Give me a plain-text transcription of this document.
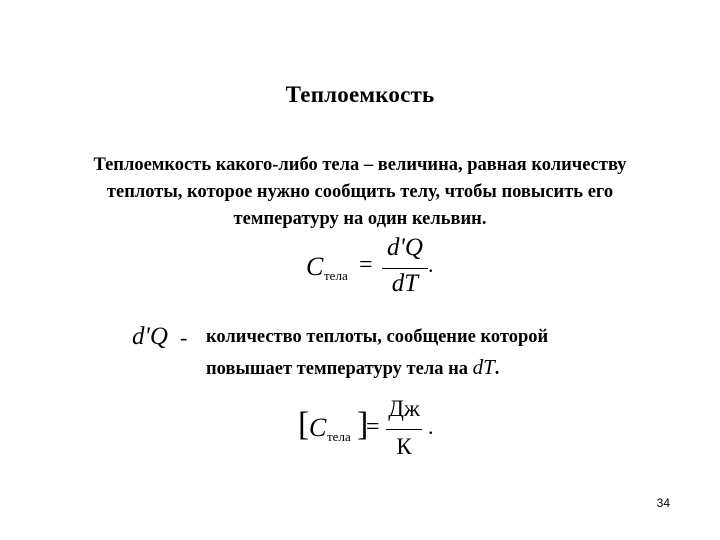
Теплоемкость
Теплоемкость какого-либо тела – величина, равная количеству
теплоты, которое нужно сообщить телу, чтобы повысить его
температуру на один кельвин.
C тела =
d'Q
dT
.
d'Q - количество теплоты, сообщение которой
повышает температуру тела на dT.
[ C тела ]
=
Дж
К
.
34
